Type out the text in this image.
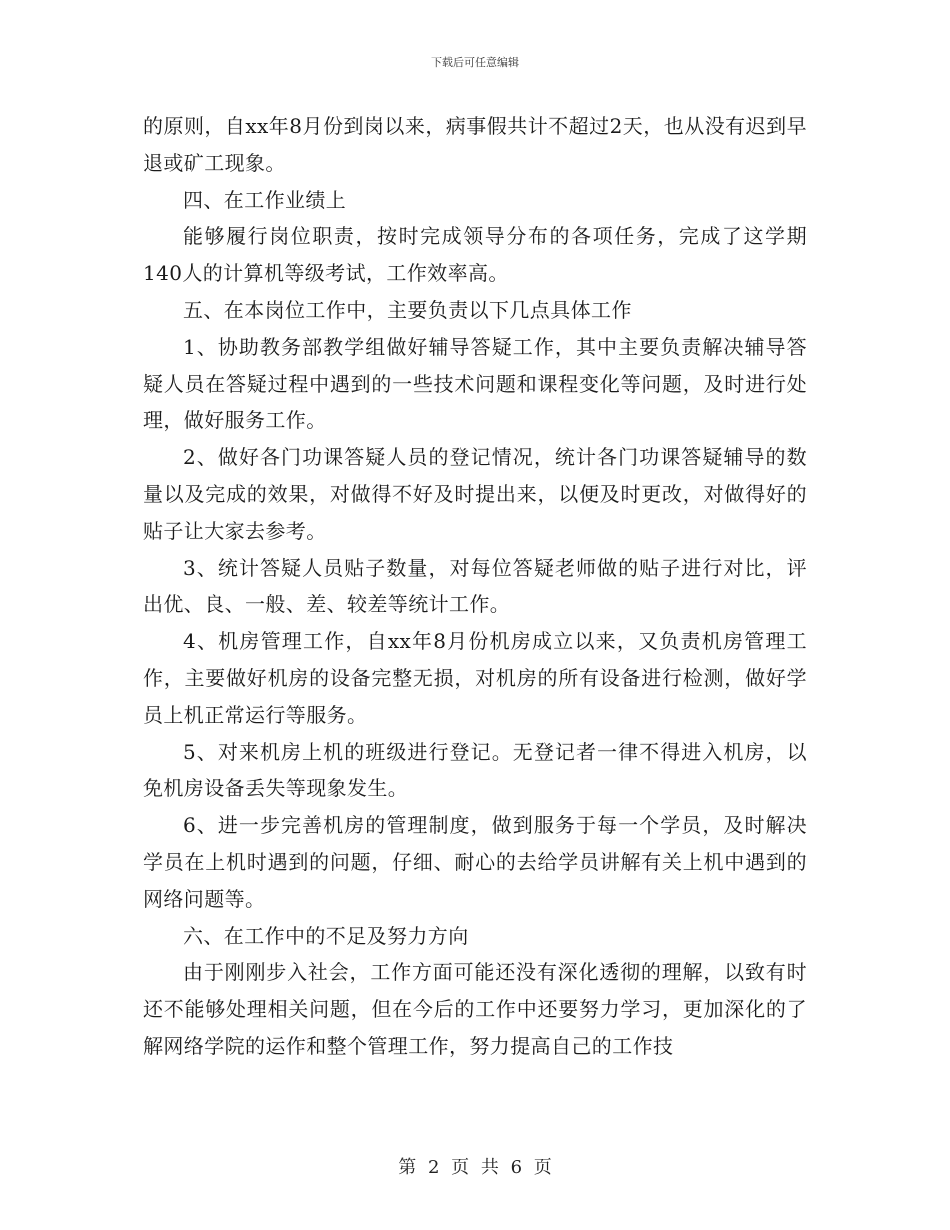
下载后可任意编辑

的原则，自xx年8月份到岗以来，病事假共计不超过2天，也从没有迟到早退或矿工现象。

四、在工作业绩上

能够履行岗位职责，按时完成领导分布的各项任务，完成了这学期140人的计算机等级考试，工作效率高。

五、在本岗位工作中，主要负责以下几点具体工作

1、协助教务部教学组做好辅导答疑工作，其中主要负责解决辅导答疑人员在答疑过程中遇到的一些技术问题和课程变化等问题，及时进行处理，做好服务工作。

2、做好各门功课答疑人员的登记情况，统计各门功课答疑辅导的数量以及完成的效果，对做得不好及时提出来，以便及时更改，对做得好的贴子让大家去参考。

3、统计答疑人员贴子数量，对每位答疑老师做的贴子进行对比，评出优、良、一般、差、较差等统计工作。

4、机房管理工作，自xx年8月份机房成立以来，又负责机房管理工作，主要做好机房的设备完整无损，对机房的所有设备进行检测，做好学员上机正常运行等服务。

5、对来机房上机的班级进行登记。无登记者一律不得进入机房，以免机房设备丢失等现象发生。

6、进一步完善机房的管理制度，做到服务于每一个学员，及时解决学员在上机时遇到的问题，仔细、耐心的去给学员讲解有关上机中遇到的网络问题等。

六、在工作中的不足及努力方向

由于刚刚步入社会，工作方面可能还没有深化透彻的理解，以致有时还不能够处理相关问题，但在今后的工作中还要努力学习，更加深化的了解网络学院的运作和整个管理工作，努力提高自己的工作技

第 2 页 共 6 页
